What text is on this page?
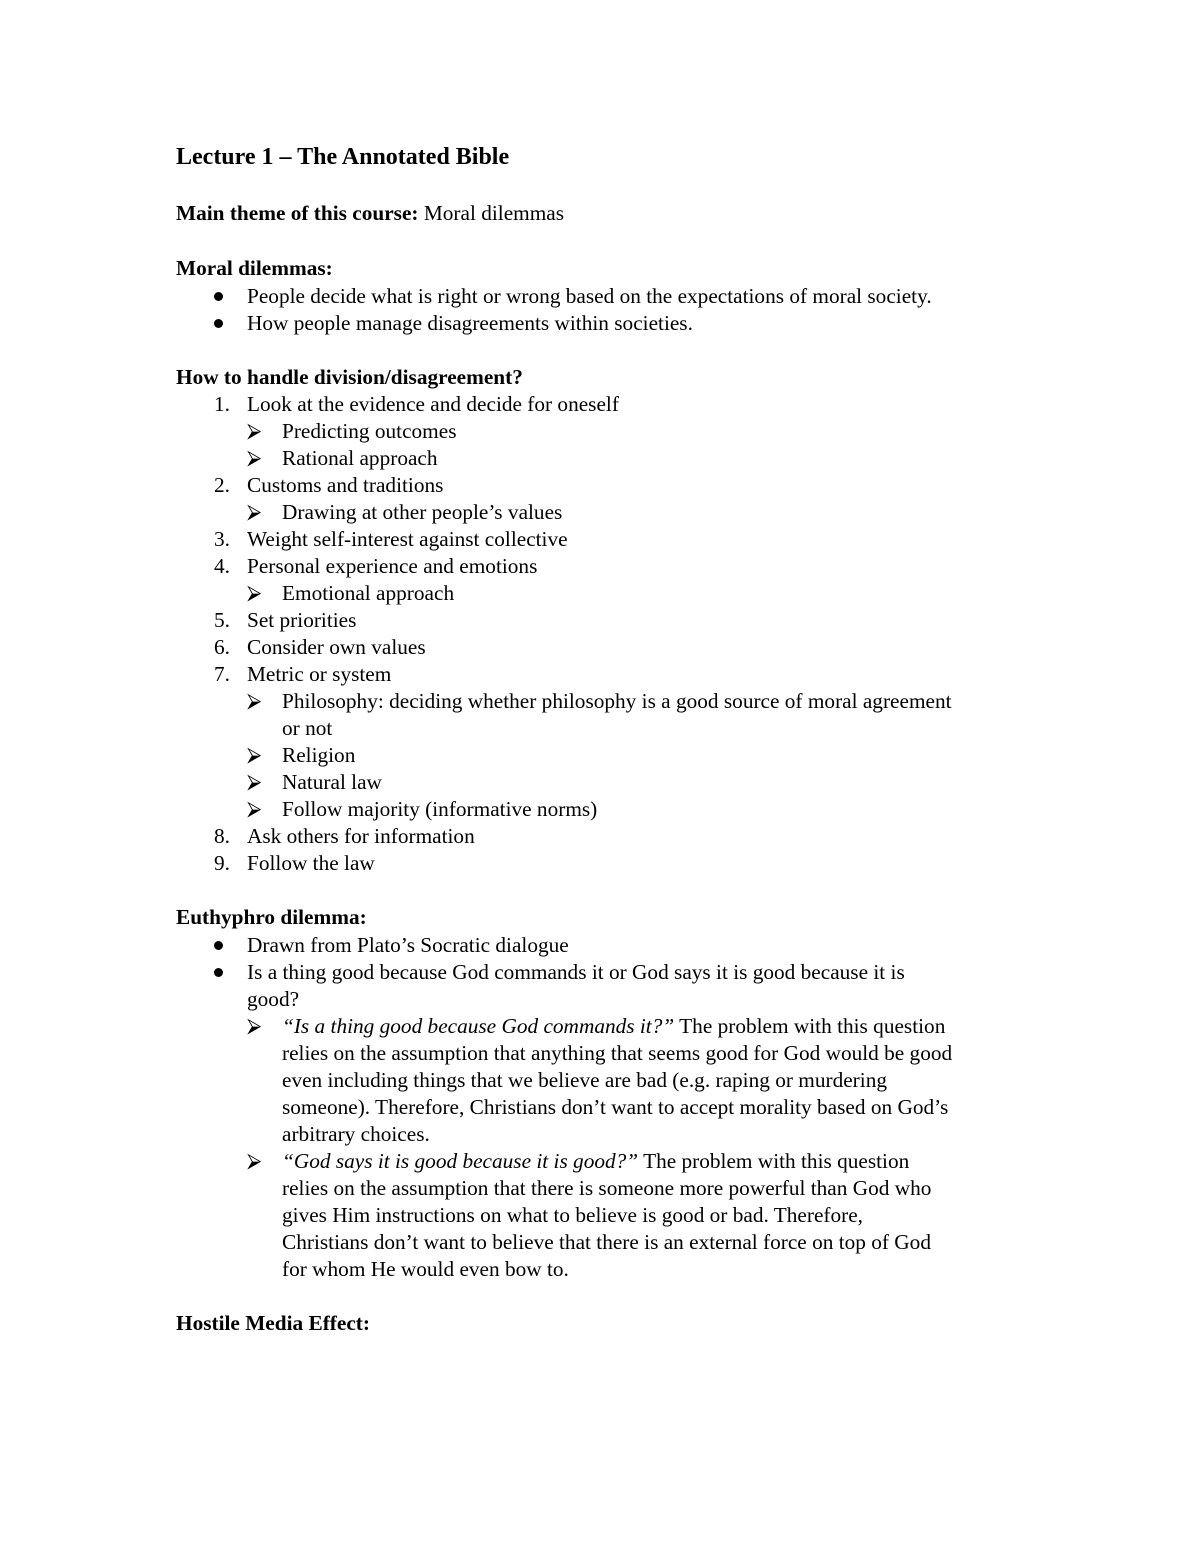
Lecture 1 – The Annotated Bible
Main theme of this course: Moral dilemmas
Moral dilemmas:
People decide what is right or wrong based on the expectations of moral society.
How people manage disagreements within societies.
How to handle division/disagreement?
1. Look at the evidence and decide for oneself
⮚ Predicting outcomes
⮚ Rational approach
2. Customs and traditions
⮚ Drawing at other people’s values
3. Weight self-interest against collective
4. Personal experience and emotions
⮚ Emotional approach
5. Set priorities
6. Consider own values
7. Metric or system
⮚ Philosophy: deciding whether philosophy is a good source of moral agreement
or not
⮚ Religion
⮚ Natural law
⮚ Follow majority (informative norms)
8. Ask others for information
9. Follow the law
Euthyphro dilemma:
Drawn from Plato’s Socratic dialogue
Is a thing good because God commands it or God says it is good because it is
good?
⮚ “Is a thing good because God commands it?” The problem with this question
relies on the assumption that anything that seems good for God would be good
even including things that we believe are bad (e.g. raping or murdering
someone). Therefore, Christians don’t want to accept morality based on God’s
arbitrary choices.
⮚ “God says it is good because it is good?” The problem with this question
relies on the assumption that there is someone more powerful than God who
gives Him instructions on what to believe is good or bad. Therefore,
Christians don’t want to believe that there is an external force on top of God
for whom He would even bow to.
Hostile Media Effect:
